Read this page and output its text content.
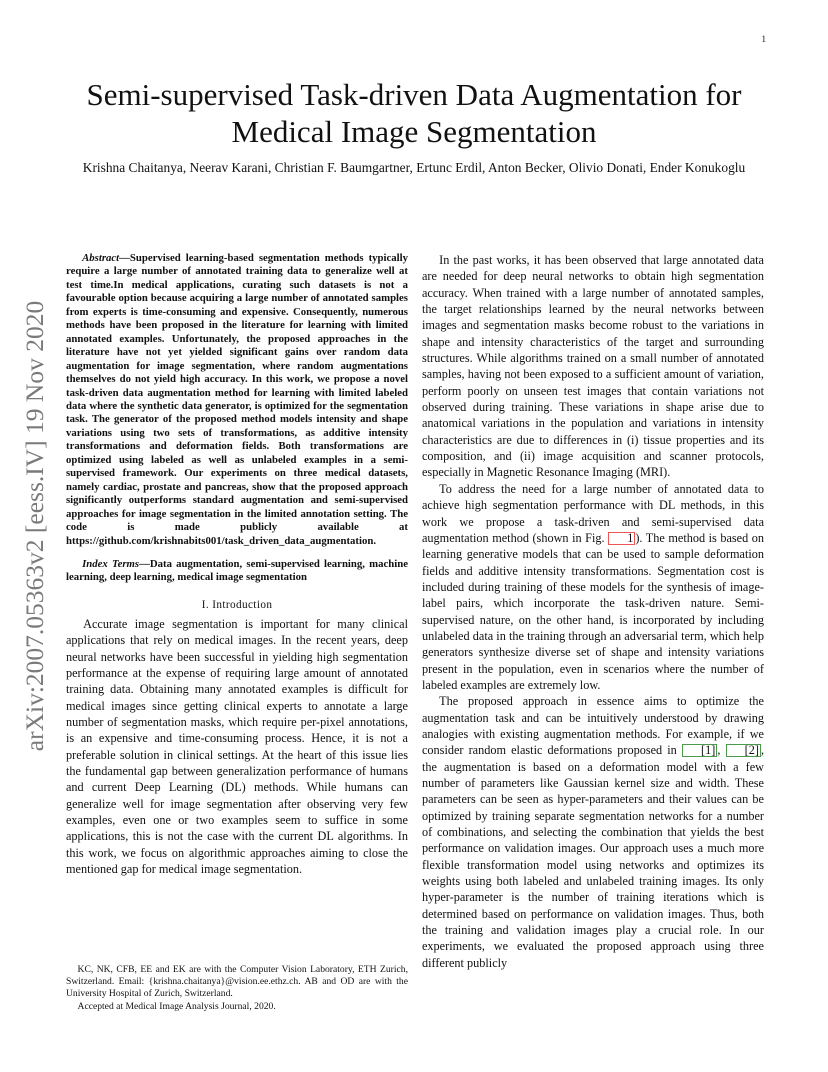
1
arXiv:2007.05363v2 [eess.IV] 19 Nov 2020
Semi-supervised Task-driven Data Augmentation for Medical Image Segmentation
Krishna Chaitanya, Neerav Karani, Christian F. Baumgartner, Ertunc Erdil, Anton Becker, Olivio Donati, Ender Konukoglu

Abstract—Supervised learning-based segmentation methods typically require a large number of annotated training data to generalize well at test time.In medical applications, curating such datasets is not a favourable option because acquiring a large number of annotated samples from experts is time-consuming and expensive. Consequently, numerous methods have been proposed in the literature for learning with limited annotated examples. Unfortunately, the proposed approaches in the literature have not yet yielded significant gains over random data augmentation for image segmentation, where random augmentations themselves do not yield high accuracy. In this work, we propose a novel task-driven data augmentation method for learning with limited labeled data where the synthetic data generator, is optimized for the segmentation task. The generator of the proposed method models intensity and shape variations using two sets of transformations, as additive intensity transformations and deformation fields. Both transformations are optimized using labeled as well as unlabeled examples in a semi-supervised framework. Our experiments on three medical datasets, namely cardiac, prostate and pancreas, show that the proposed approach significantly outperforms standard augmentation and semi-supervised approaches for image segmentation in the limited annotation setting. The code is made publicly available at https://github.com/krishnabits001/task_driven_data_augmentation.

Index Terms—Data augmentation, semi-supervised learning, machine learning, deep learning, medical image segmentation

I. Introduction

Accurate image segmentation is important for many clinical applications that rely on medical images. In the recent years, deep neural networks have been successful in yielding high segmentation performance at the expense of requiring large amount of annotated training data. Obtaining many annotated examples is difficult for medical images since getting clinical experts to annotate a large number of segmentation masks, which require per-pixel annotations, is an expensive and time-consuming process. Hence, it is not a preferable solution in clinical settings. At the heart of this issue lies the fundamental gap between generalization performance of humans and current Deep Learning (DL) methods. While humans can generalize well for image segmentation after observing very few examples, even one or two examples seem to suffice in some applications, this is not the case with the current DL algorithms. In this work, we focus on algorithmic approaches aiming to close the mentioned gap for medical image segmentation.

KC, NK, CFB, EE and EK are with the Computer Vision Laboratory, ETH Zurich, Switzerland. Email: {krishna.chaitanya}@vision.ee.ethz.ch. AB and OD are with the University Hospital of Zurich, Switzerland.

Accepted at Medical Image Analysis Journal, 2020.

In the past works, it has been observed that large annotated data are needed for deep neural networks to obtain high segmentation accuracy. When trained with a large number of annotated samples, the target relationships learned by the neural networks between images and segmentation masks become robust to the variations in shape and intensity characteristics of the target and surrounding structures. While algorithms trained on a small number of annotated samples, having not been exposed to a sufficient amount of variation, perform poorly on unseen test images that contain variations not observed during training. These variations in shape arise due to anatomical variations in the population and variations in intensity characteristics are due to differences in (i) tissue properties and its composition, and (ii) image acquisition and scanner protocols, especially in Magnetic Resonance Imaging (MRI).

To address the need for a large number of annotated data to achieve high segmentation performance with DL methods, in this work we propose a task-driven and semi-supervised data augmentation method (shown in Fig. 1 ). The method is based on learning generative models that can be used to sample deformation fields and additive intensity transformations. Segmentation cost is included during training of these models for the synthesis of image-label pairs, which incorporate the task-driven nature. Semi-supervised nature, on the other hand, is incorporated by including unlabeled data in the training through an adversarial term, which help generators synthesize diverse set of shape and intensity variations present in the population, even in scenarios where the number of labeled examples are extremely low.

The proposed approach in essence aims to optimize the augmentation task and can be intuitively understood by drawing analogies with existing augmentation methods. For example, if we consider random elastic deformations proposed in [1] , [2] , the augmentation is based on a deformation model with a few number of parameters like Gaussian kernel size and width. These parameters can be seen as hyper-parameters and their values can be optimized by training separate segmentation networks for a number of combinations, and selecting the combination that yields the best performance on validation images. Our approach uses a much more flexible transformation model using networks and optimizes its weights using both labeled and unlabeled training images. Its only hyper-parameter is the number of training iterations which is determined based on performance on validation images. Thus, both the training and validation images play a crucial role. In our experiments, we evaluated the proposed approach using three different publicly
